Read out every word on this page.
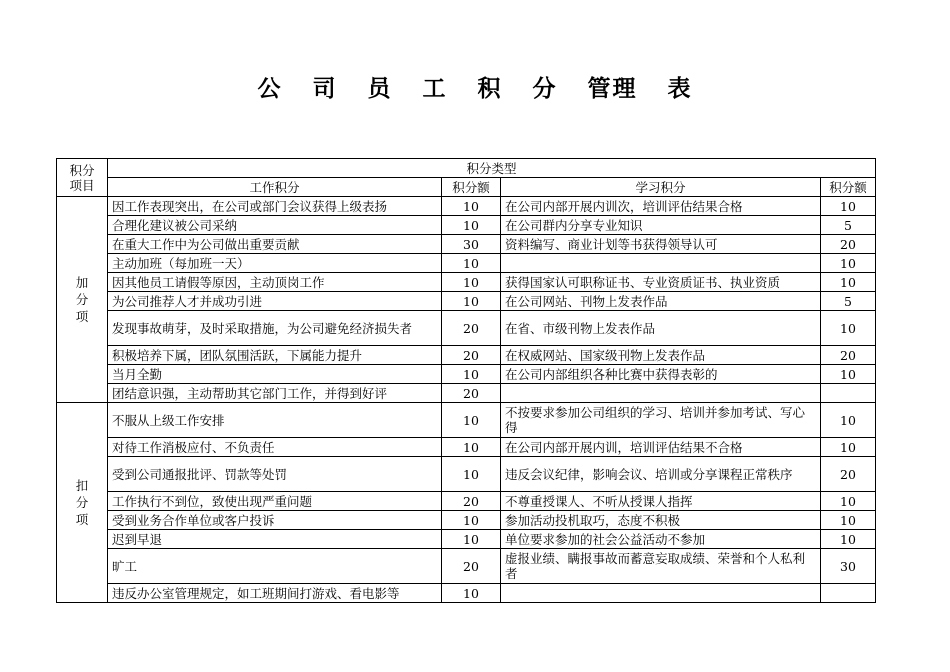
公 司 员 工 积 分 管理 表
积分
项目	积分类型			
	工作积分	积分额	学习积分	积分额

加
分
项	因工作表现突出，在公司或部门会议获得上级表扬	10	在公司内部开展内训次，培训评估结果合格	10
	合理化建议被公司采纳	10	在公司群内分享专业知识	5
	在重大工作中为公司做出重要贡献	30	资料编写、商业计划等书获得领导认可	20
	主动加班（每加班一天）	10		10
	因其他员工请假等原因，主动顶岗工作	10	获得国家认可职称证书、专业资质证书、执业资质	10
	为公司推荐人才并成功引进	10	在公司网站、刊物上发表作品	5
	发现事故萌芽，及时采取措施，为公司避免经济损失者	20	在省、市级刊物上发表作品	10
	积极培养下属，团队氛围活跃，下属能力提升	20	在权威网站、国家级刊物上发表作品	20
	当月全勤	10	在公司内部组织各种比赛中获得表彰的	10
	团结意识强，主动帮助其它部门工作，并得到好评	20		

扣
分
项	不服从上级工作安排	10	不按要求参加公司组织的学习、培训并参加考试、写心得	10
	对待工作消极应付、不负责任	10	在公司内部开展内训，培训评估结果不合格	10
	受到公司通报批评、罚款等处罚	10	违反会议纪律，影响会议、培训或分享课程正常秩序	20
	工作执行不到位，致使出现严重问题	20	不尊重授课人、不听从授课人指挥	10
	受到业务合作单位或客户投诉	10	参加活动投机取巧，态度不积极	10
	迟到早退	10	单位要求参加的社会公益活动不参加	10
	旷工	20	虚报业绩、瞒报事故而蓄意妄取成绩、荣誉和个人私利者	30
	违反办公室管理规定，如工班期间打游戏、看电影等	10		
